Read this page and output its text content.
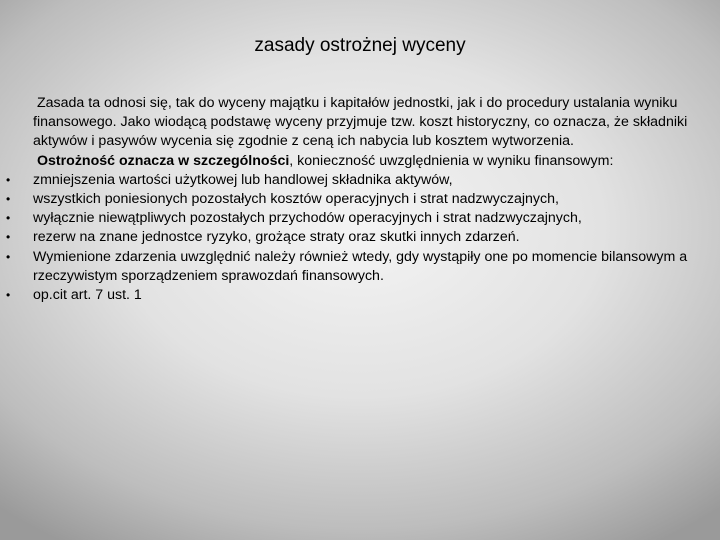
zasady ostrożnej wyceny
Zasada ta odnosi się, tak do wyceny majątku i kapitałów jednostki, jak i do procedury ustalania wyniku finansowego. Jako wiodącą podstawę wyceny przyjmuje tzw. koszt historyczny, co oznacza, że składniki aktywów i pasywów wycenia się zgodnie z ceną ich nabycia lub kosztem wytworzenia.
Ostrożność oznacza w szczególności, konieczność uwzględnienia w wyniku finansowym:
• zmniejszenia wartości użytkowej lub handlowej składnika aktywów,
• wszystkich poniesionych pozostałych kosztów operacyjnych i strat nadzwyczajnych,
• wyłącznie niewątpliwych pozostałych przychodów operacyjnych i strat nadzwyczajnych,
• rezerw na znane jednostce ryzyko, grożące straty oraz skutki innych zdarzeń.
• Wymienione zdarzenia uwzględnić należy również wtedy, gdy wystąpiły one po momencie bilansowym a rzeczywistym sporządzeniem sprawozdań finansowych.
• op.cit art. 7 ust. 1
